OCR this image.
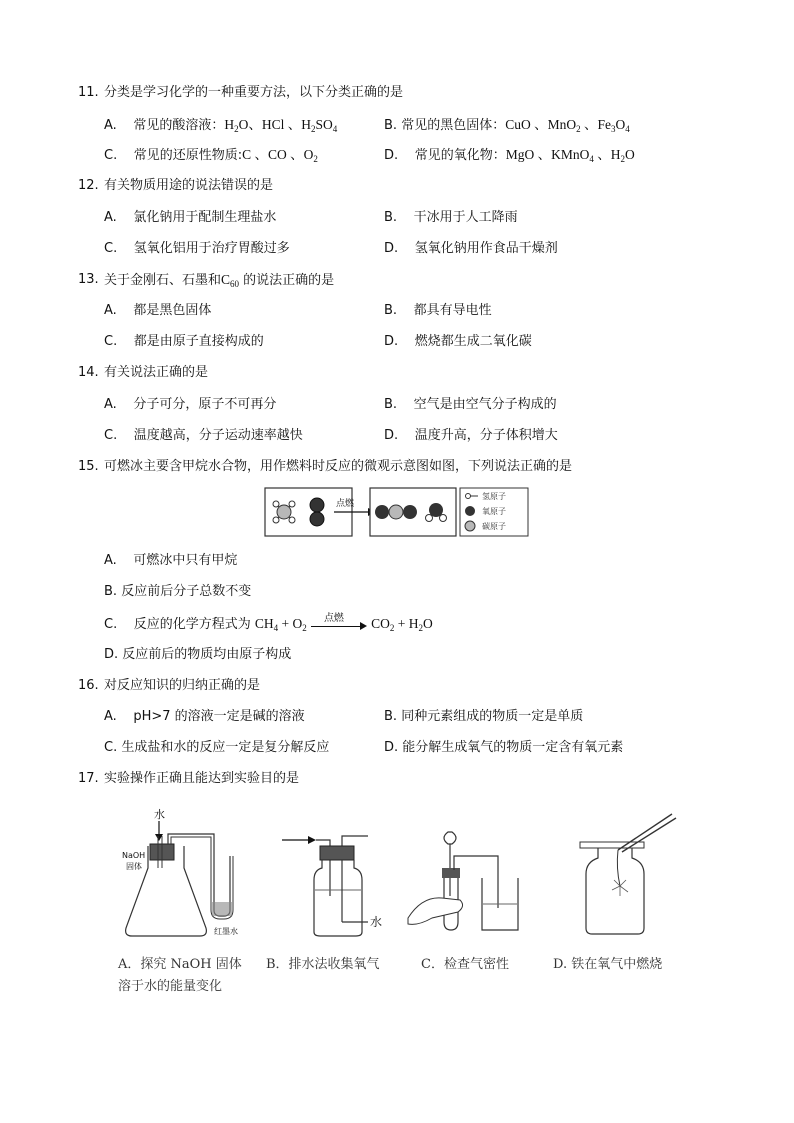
11. 分类是学习化学的一种重要方法，以下分类正确的是
A. 常见的酸溶液：$H_2O$、HCl 、$H_2SO_4$	B. 常见的黑色固体：CuO 、MnO$_2$ 、$Fe_3O_4$
C. 常见的还原性物质:C 、CO 、$O_2$	D. 常见的氧化物：MgO 、KMnO$_4$ 、$H_2O$
12. 有关物质用途的说法错误的是
A. 氯化钠用于配制生理盐水	B. 干冰用于人工降雨
C. 氢氧化铝用于治疗胃酸过多	D. 氢氧化钠用作食品干燥剂
13. 关于金刚石、石墨和$C_{60}$ 的说法正确的是
A. 都是黑色固体	B. 都具有导电性
C. 都是由原子直接构成的	D. 燃烧都生成二氧化碳
14. 有关说法正确的是
A. 分子可分，原子不可再分	B. 空气是由空气分子构成的
C. 温度越高，分子运动速率越快	D. 温度升高，分子体积增大
15. 可燃冰主要含甲烷水合物，用作燃料时反应的微观示意图如图，下列说法正确的是
点燃
氢原子
氧原子
碳原子
A. 可燃冰中只有甲烷
B. 反应前后分子总数不变
C. 反应的化学方程式为 $CH_4 + O_2$
点燃 $CO_2 + H_2O$
D. 反应前后的物质均由原子构成
16. 对反应知识的归纳正确的是
A. pH>7 的溶液一定是碱的溶液	B. 同种元素组成的物质一定是单质
C. 生成盐和水的反应一定是复分解反应	D. 能分解生成氧气的物质一定含有氧元素
17. 实验操作正确且能达到实验目的是
水
NaOH
固体
红墨水
水
A．探究 NaOH 固体
溶于水的能量变化
B．排水法收集氧气	C．检查气密性	D. 铁在氧气中燃烧
